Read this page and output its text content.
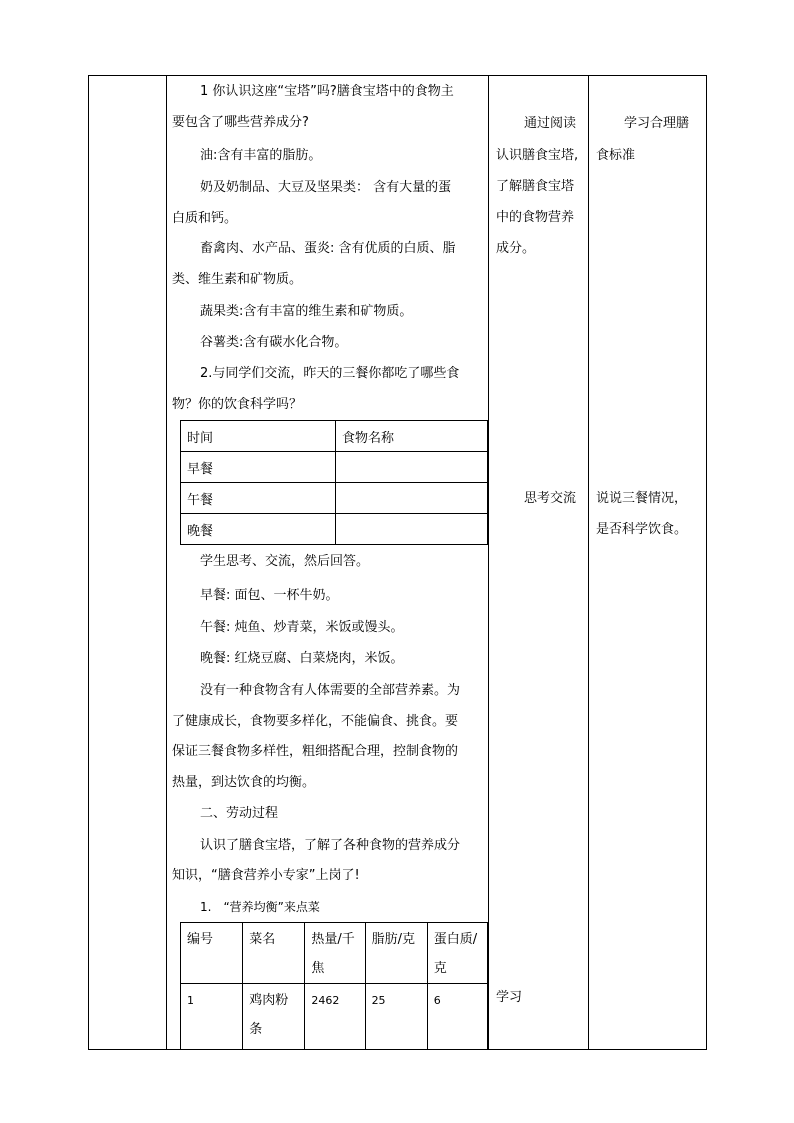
1 你认识这座“宝塔”吗?膳食宝塔中的食物主
要包含了哪些营养成分?
油:含有丰富的脂肪。
奶及奶制品、大豆及坚果类： 含有大量的蛋
白质和钙。
畜禽肉、水产品、蛋炎: 含有优质的白质、脂
类、维生素和矿物质。
蔬果类:含有丰富的维生素和矿物质。
谷薯类:含有碳水化合物。
2.与同学们交流，昨天的三餐你都吃了哪些食
物？你的饮食科学吗？
时间	食物名称
早餐	
午餐	
晚餐	
学生思考、交流，然后回答。
早餐: 面包、一杯牛奶。
午餐: 炖鱼、炒青菜，米饭或馒头。
晚餐: 红烧豆腐、白菜烧肉，米饭。
没有一种食物含有人体需要的全部营养素。为
了健康成长，食物要多样化，不能偏食、挑食。要
保证三餐食物多样性，粗细搭配合理，控制食物的
热量，到达饮食的均衡。
二、劳动过程
认识了膳食宝塔，了解了各种食物的营养成分
知识，“膳食营养小专家”上岗了!
1.　“营养均衡”来点菜
编号	菜名	热量/千焦	脂肪/克	蛋白质/克
1	鸡肉粉条	2462	25	6
通过阅读
认识膳食宝塔,
了解膳食宝塔
中的食物营养
成分。
思考交流
学习
学习合理膳
食标准
说说三餐情况，
是否科学饮食。
